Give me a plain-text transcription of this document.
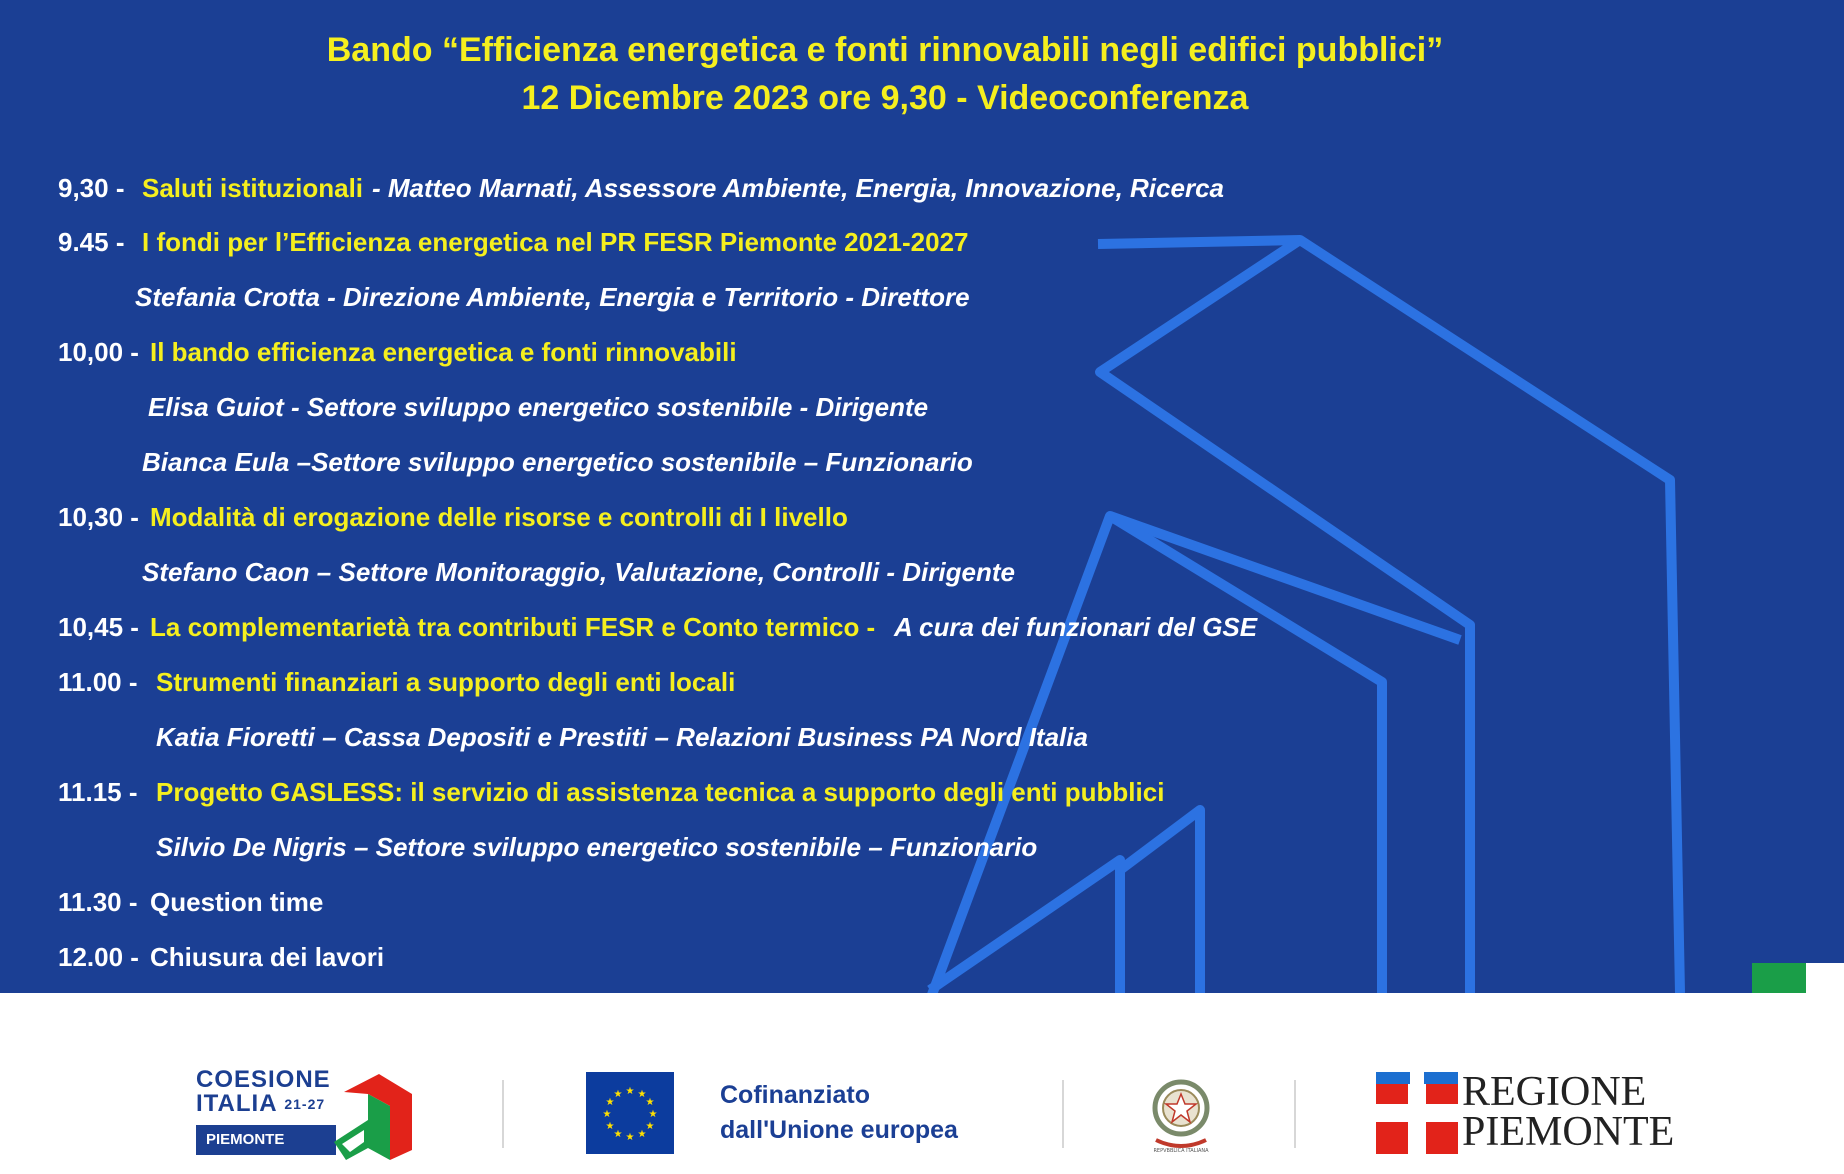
Bando “Efficienza energetica e fonti rinnovabili negli edifici pubblici”
12 Dicembre 2023 ore 9,30 - Videoconferenza
9,30 - Saluti istituzionali - Matteo Marnati, Assessore Ambiente, Energia, Innovazione, Ricerca
9.45 - I fondi per l’Efficienza energetica nel PR FESR Piemonte 2021-2027
Stefania Crotta - Direzione Ambiente, Energia e Territorio - Direttore
10,00 - Il bando efficienza energetica e fonti rinnovabili
Elisa Guiot - Settore sviluppo energetico sostenibile - Dirigente
Bianca Eula –Settore sviluppo energetico sostenibile – Funzionario
10,30 - Modalità di erogazione delle risorse e controlli di I livello
Stefano Caon – Settore Monitoraggio, Valutazione, Controlli - Dirigente
10,45 - La complementarietà tra contributi FESR e Conto termico - A cura dei funzionari del GSE
11.00 - Strumenti finanziari a supporto degli enti locali
Katia Fioretti – Cassa Depositi e Prestiti – Relazioni Business PA Nord Italia
11.15 - Progetto GASLESS: il servizio di assistenza tecnica a supporto degli enti pubblici
Silvio De Nigris – Settore sviluppo energetico sostenibile – Funzionario
11.30 - Question time
12.00 - Chiusura dei lavori
COESIONE
ITALIA $^{21-27}$
PIEMONTE
★ ★
★
★
★
★
★
★
★
★
★
★	Cofinanziato
dall'Unione europea
REPVBBLICA ITALIANA
REGIONE
PIEMONTE
